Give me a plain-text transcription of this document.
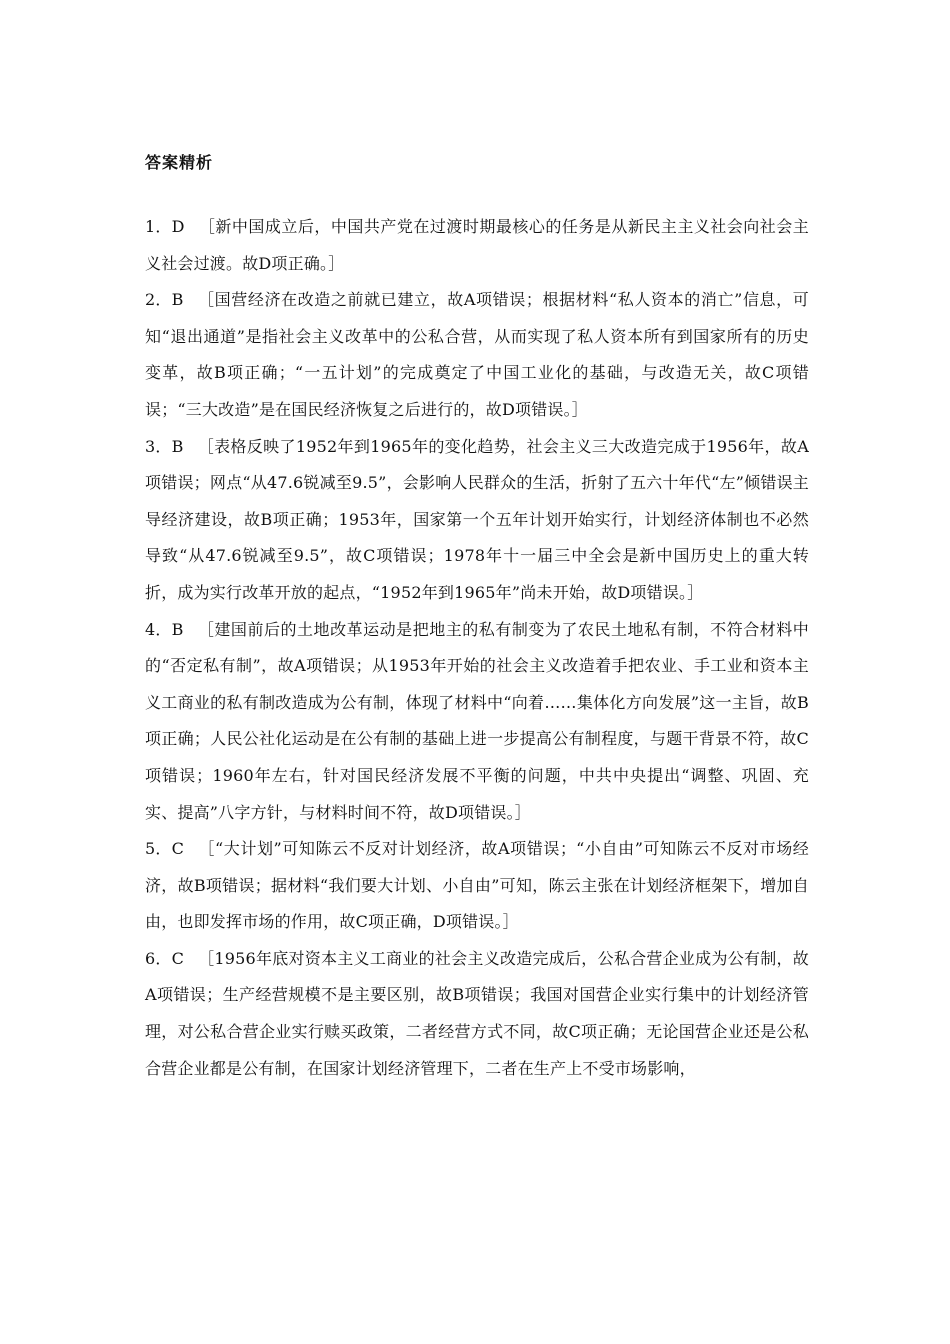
答案精析
1．D ［新中国成立后，中国共产党在过渡时期最核心的任务是从新民主主义社会向社会主义社会过渡。故D项正确。］
2．B ［国营经济在改造之前就已建立，故A项错误；根据材料“私人资本的消亡”信息，可知“退出通道”是指社会主义改革中的公私合营，从而实现了私人资本所有到国家所有的历史变革，故B项正确；“一五计划”的完成奠定了中国工业化的基础，与改造无关，故C项错误；“三大改造”是在国民经济恢复之后进行的，故D项错误。］
3．B ［表格反映了1952年到1965年的变化趋势，社会主义三大改造完成于1956年，故A项错误；网点“从47.6锐减至9.5”，会影响人民群众的生活，折射了五六十年代“左”倾错误主导经济建设，故B项正确；1953年，国家第一个五年计划开始实行，计划经济体制也不必然导致“从47.6锐减至9.5”，故C项错误；1978年十一届三中全会是新中国历史上的重大转折，成为实行改革开放的起点，“1952年到1965年”尚未开始，故D项错误。］
4．B ［建国前后的土地改革运动是把地主的私有制变为了农民土地私有制，不符合材料中的“否定私有制”，故A项错误；从1953年开始的社会主义改造着手把农业、手工业和资本主义工商业的私有制改造成为公有制，体现了材料中“向着……集体化方向发展”这一主旨，故B项正确；人民公社化运动是在公有制的基础上进一步提高公有制程度，与题干背景不符，故C项错误；1960年左右，针对国民经济发展不平衡的问题，中共中央提出“调整、巩固、充实、提高”八字方针，与材料时间不符，故D项错误。］
5．C ［“大计划”可知陈云不反对计划经济，故A项错误；“小自由”可知陈云不反对市场经济，故B项错误；据材料“我们要大计划、小自由”可知，陈云主张在计划经济框架下，增加自由，也即发挥市场的作用，故C项正确，D项错误。］
6．C ［1956年底对资本主义工商业的社会主义改造完成后，公私合营企业成为公有制，故A项错误；生产经营规模不是主要区别，故B项错误；我国对国营企业实行集中的计划经济管理，对公私合营企业实行赎买政策，二者经营方式不同，故C项正确；无论国营企业还是公私合营企业都是公有制，在国家计划经济管理下，二者在生产上不受市场影响，
